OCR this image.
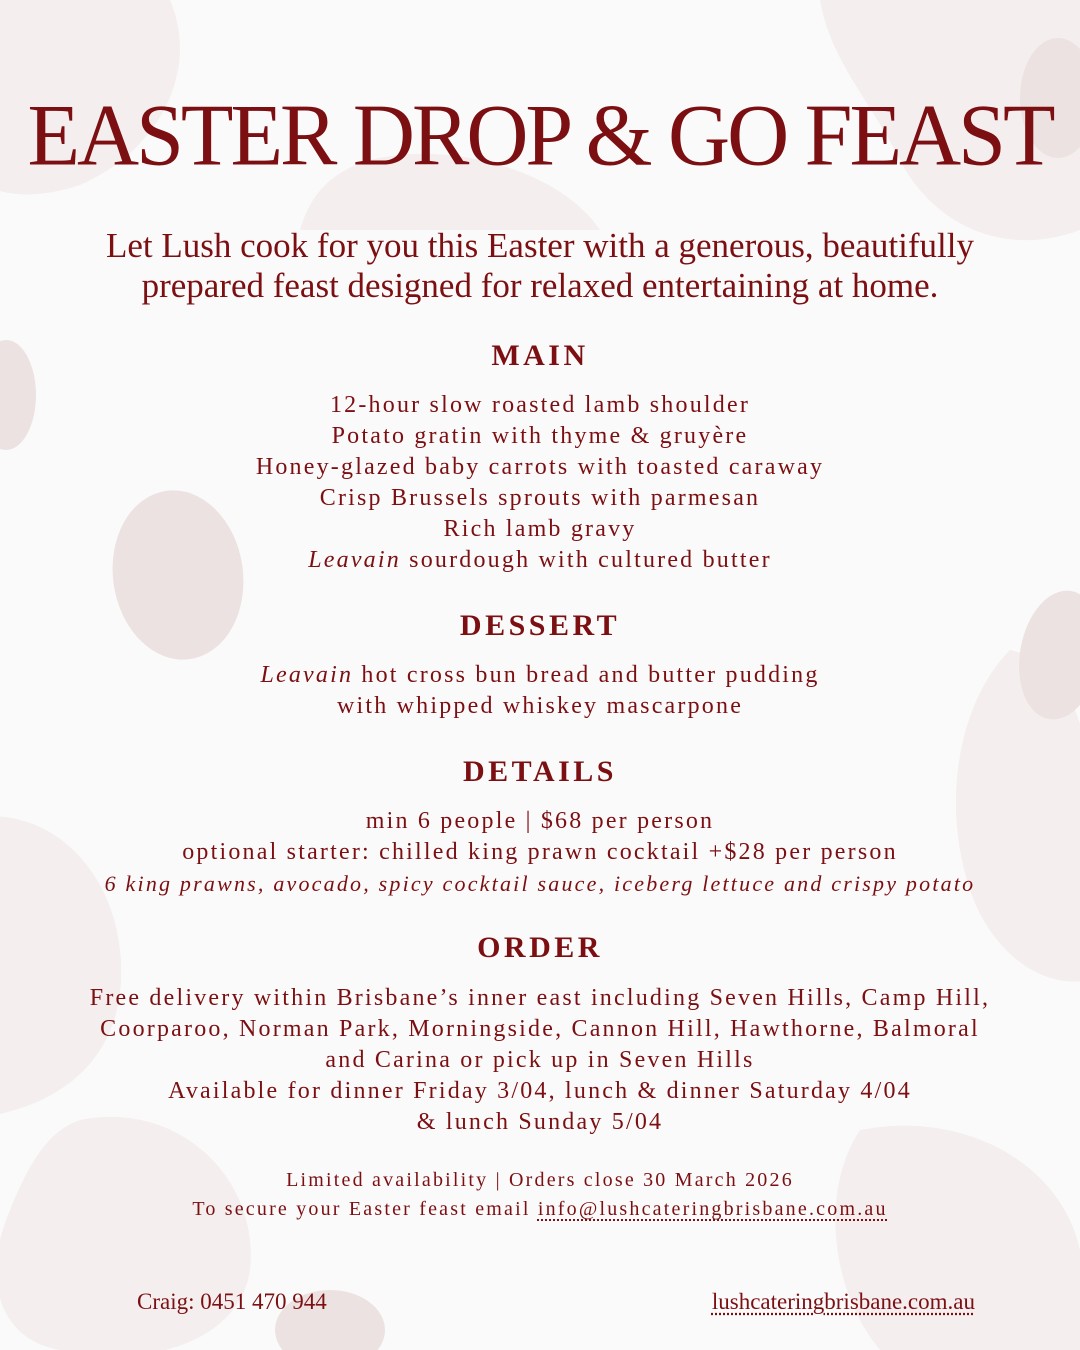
EASTER DROP & GO FEAST
Let Lush cook for you this Easter with a generous, beautifully
prepared feast designed for relaxed entertaining at home.
MAIN
12-hour slow roasted lamb shoulder
Potato gratin with thyme & gruyère
Honey-glazed baby carrots with toasted caraway
Crisp Brussels sprouts with parmesan
Rich lamb gravy
Leavain sourdough with cultured butter
DESSERT
Leavain hot cross bun bread and butter pudding
with whipped whiskey mascarpone
DETAILS
min 6 people | $68 per person
optional starter: chilled king prawn cocktail +$28 per person
6 king prawns, avocado, spicy cocktail sauce, iceberg lettuce and crispy potato
ORDER
Free delivery within Brisbane’s inner east including Seven Hills, Camp Hill,
Coorparoo, Norman Park, Morningside, Cannon Hill, Hawthorne, Balmoral
and Carina or pick up in Seven Hills
Available for dinner Friday 3/04, lunch & dinner Saturday 4/04
& lunch Sunday 5/04
Limited availability | Orders close 30 March 2026
To secure your Easter feast email info@lushcateringbrisbane.com.au
Craig: 0451 470 944	lushcateringbrisbane.com.au
